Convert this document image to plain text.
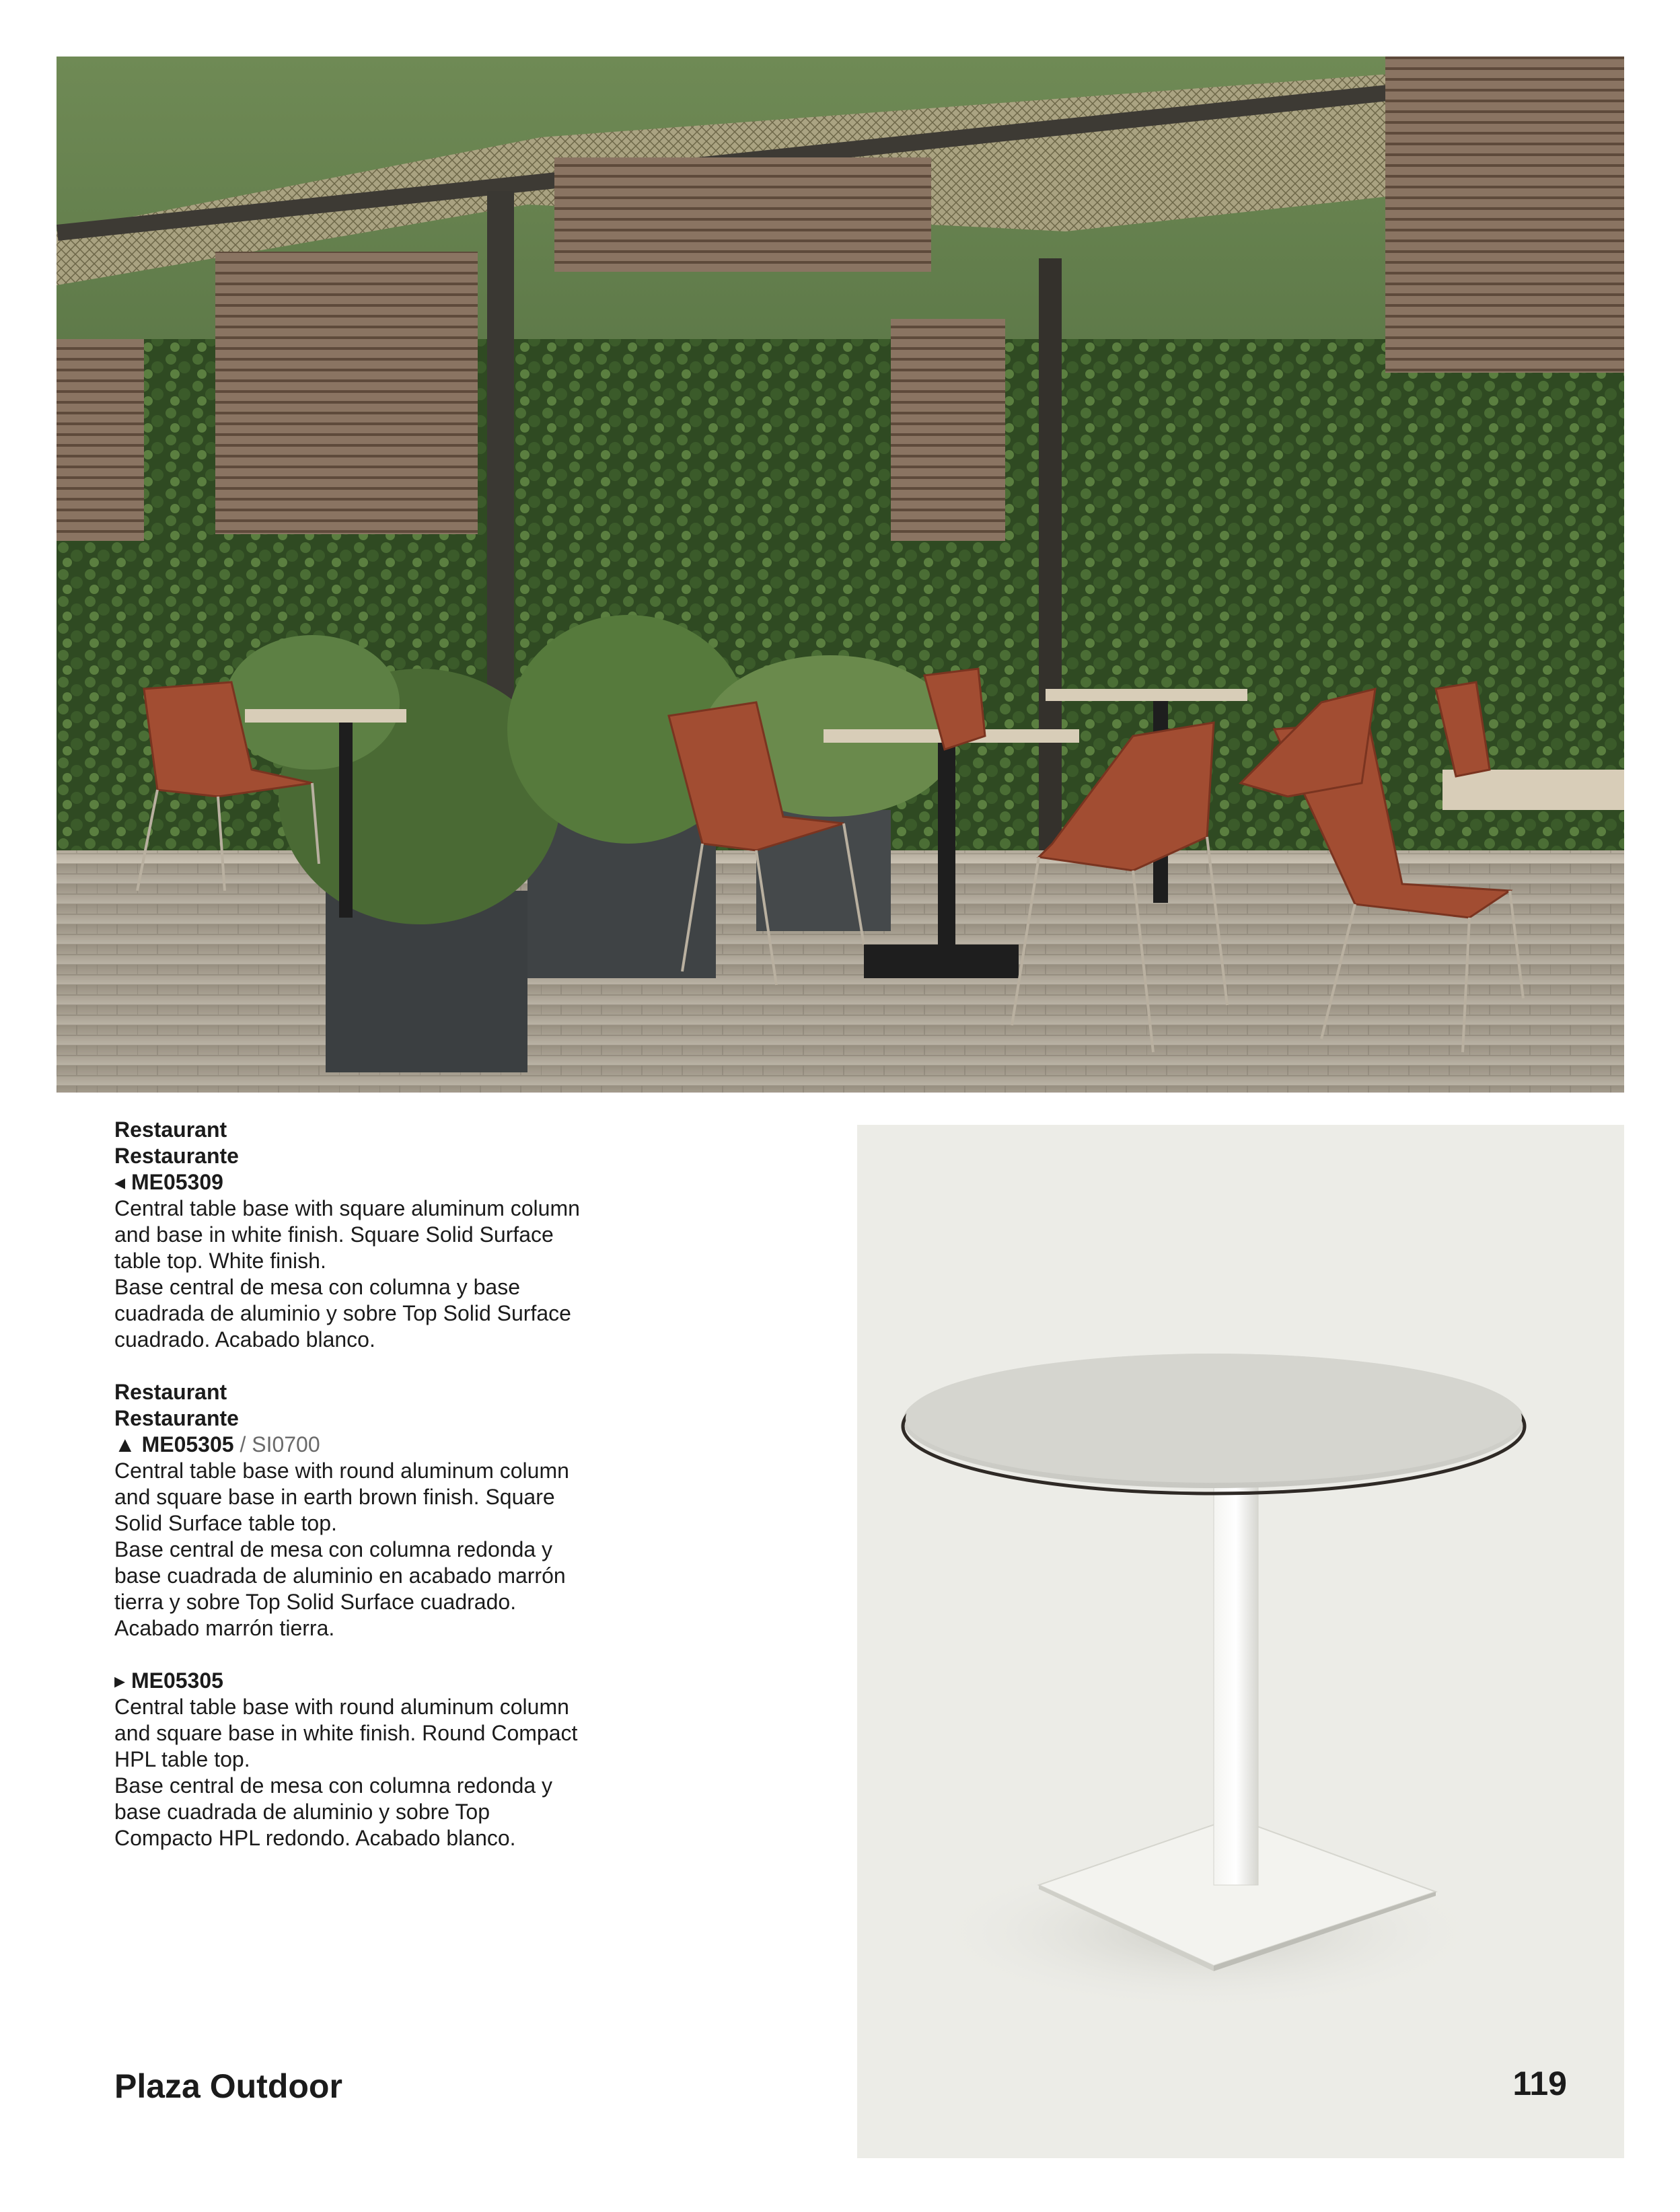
Restaurant
Restaurante
◂ ME05309
Central table base with square aluminum column and base in white finish. Square Solid Surface table top. White finish.
Base central de mesa con columna y base cuadrada de aluminio y sobre Top Solid Surface cuadrado. Acabado blanco.
Restaurant
Restaurante
▲ ME05305 / SI0700
Central table base with round aluminum column and square base in earth brown finish. Square Solid Surface table top.
Base central de mesa con columna redonda y base cuadrada de aluminio en acabado marrón tierra y sobre Top Solid Surface cuadrado. Acabado marrón tierra.
▸ ME05305
Central table base with round aluminum column and square base in white finish. Round Compact HPL table top.
Base central de mesa con columna redonda y base cuadrada de aluminio y sobre Top Compacto HPL redondo. Acabado blanco.
Plaza Outdoor	119
